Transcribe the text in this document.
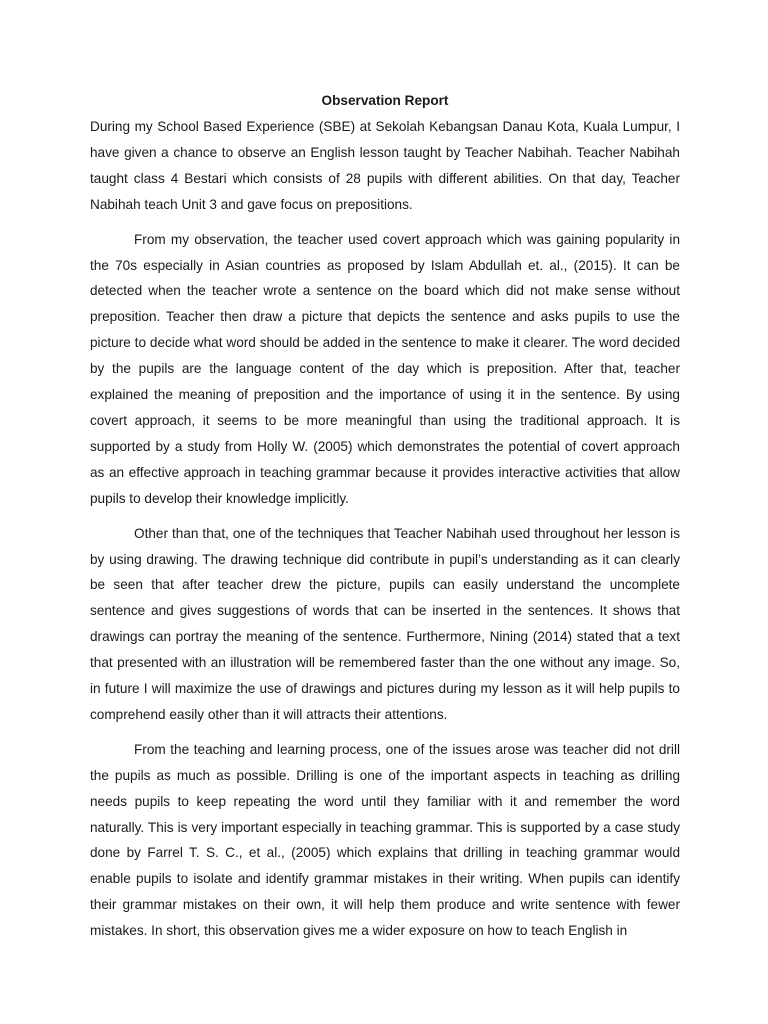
Observation Report

During my School Based Experience (SBE) at Sekolah Kebangsan Danau Kota, Kuala Lumpur, I have given a chance to observe an English lesson taught by Teacher Nabihah. Teacher Nabihah taught class 4 Bestari which consists of 28 pupils with different abilities. On that day, Teacher Nabihah teach Unit 3 and gave focus on prepositions.

From my observation, the teacher used covert approach which was gaining popularity in the 70s especially in Asian countries as proposed by Islam Abdullah et. al., (2015). It can be detected when the teacher wrote a sentence on the board which did not make sense without preposition. Teacher then draw a picture that depicts the sentence and asks pupils to use the picture to decide what word should be added in the sentence to make it clearer. The word decided by the pupils are the language content of the day which is preposition. After that, teacher explained the meaning of preposition and the importance of using it in the sentence. By using covert approach, it seems to be more meaningful than using the traditional approach. It is supported by a study from Holly W. (2005) which demonstrates the potential of covert approach as an effective approach in teaching grammar because it provides interactive activities that allow pupils to develop their knowledge implicitly.

Other than that, one of the techniques that Teacher Nabihah used throughout her lesson is by using drawing. The drawing technique did contribute in pupil’s understanding as it can clearly be seen that after teacher drew the picture, pupils can easily understand the uncomplete sentence and gives suggestions of words that can be inserted in the sentences. It shows that drawings can portray the meaning of the sentence. Furthermore, Nining (2014) stated that a text that presented with an illustration will be remembered faster than the one without any image. So, in future I will maximize the use of drawings and pictures during my lesson as it will help pupils to comprehend easily other than it will attracts their attentions.

From the teaching and learning process, one of the issues arose was teacher did not drill the pupils as much as possible. Drilling is one of the important aspects in teaching as drilling needs pupils to keep repeating the word until they familiar with it and remember the word naturally. This is very important especially in teaching grammar. This is supported by a case study done by Farrel T. S. C., et al., (2005) which explains that drilling in teaching grammar would enable pupils to isolate and identify grammar mistakes in their writing. When pupils can identify their grammar mistakes on their own, it will help them produce and write sentence with fewer mistakes. In short, this observation gives me a wider exposure on how to teach English in
